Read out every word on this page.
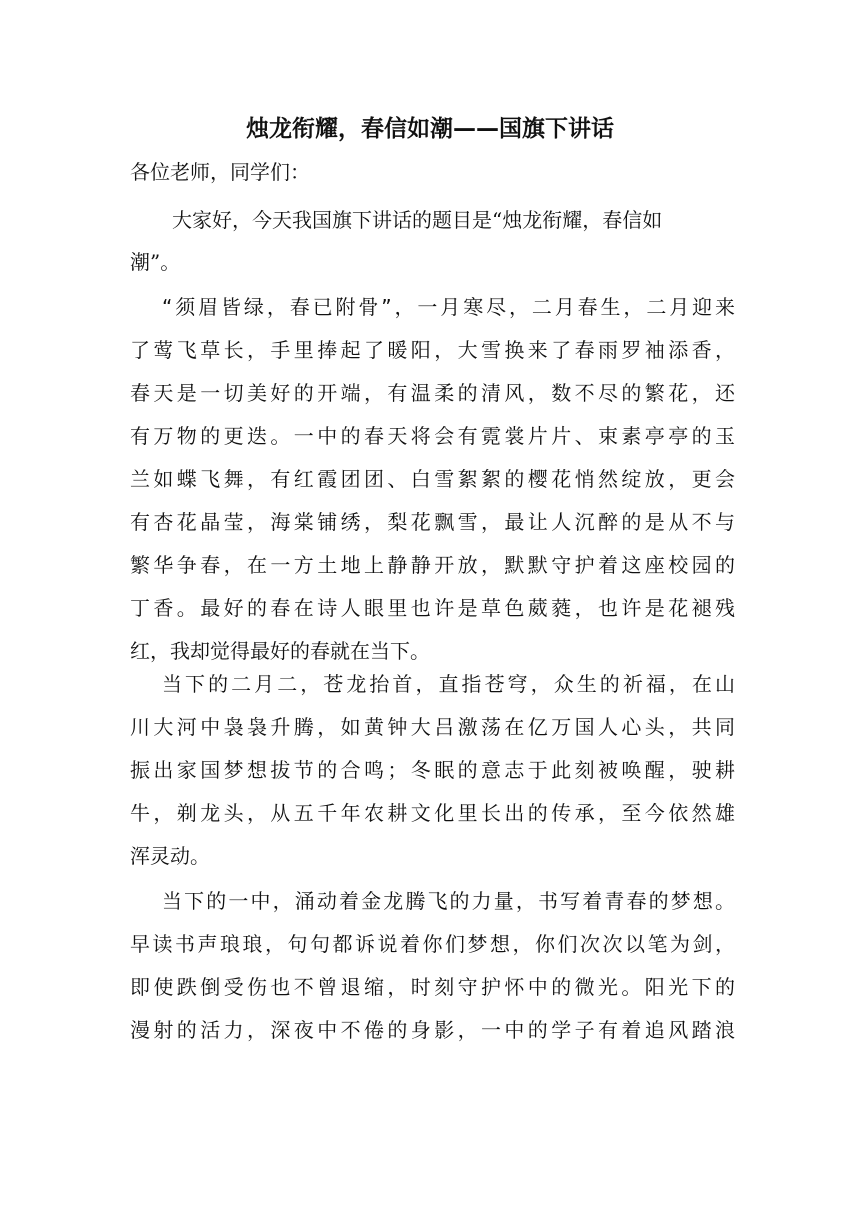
烛龙衔耀，春信如潮——国旗下讲话
各位老师，同学们：
大家好，今天我国旗下讲话的题目是“烛龙衔耀，春信如
潮”。
“须眉皆绿，春已附骨”，一月寒尽，二月春生，二月迎来
了莺飞草长，手里捧起了暖阳，大雪换来了春雨罗袖添香，
春天是一切美好的开端，有温柔的清风，数不尽的繁花，还
有万物的更迭。一中的春天将会有霓裳片片、束素亭亭的玉
兰如蝶飞舞，有红霞团团、白雪絮絮的樱花悄然绽放，更会
有杏花晶莹，海棠铺绣，梨花飘雪，最让人沉醉的是从不与
繁华争春，在一方土地上静静开放，默默守护着这座校园的
丁香。最好的春在诗人眼里也许是草色葳蕤，也许是花褪残
红，我却觉得最好的春就在当下。
当下的二月二，苍龙抬首，直指苍穹，众生的祈福，在山
川大河中袅袅升腾，如黄钟大吕激荡在亿万国人心头，共同
振出家国梦想拔节的合鸣；冬眠的意志于此刻被唤醒，驶耕
牛，剃龙头，从五千年农耕文化里长出的传承，至今依然雄
浑灵动。
当下的一中，涌动着金龙腾飞的力量，书写着青春的梦想。
早读书声琅琅，句句都诉说着你们梦想，你们次次以笔为剑，
即使跌倒受伤也不曾退缩，时刻守护怀中的微光。阳光下的
漫射的活力，深夜中不倦的身影，一中的学子有着追风踏浪
